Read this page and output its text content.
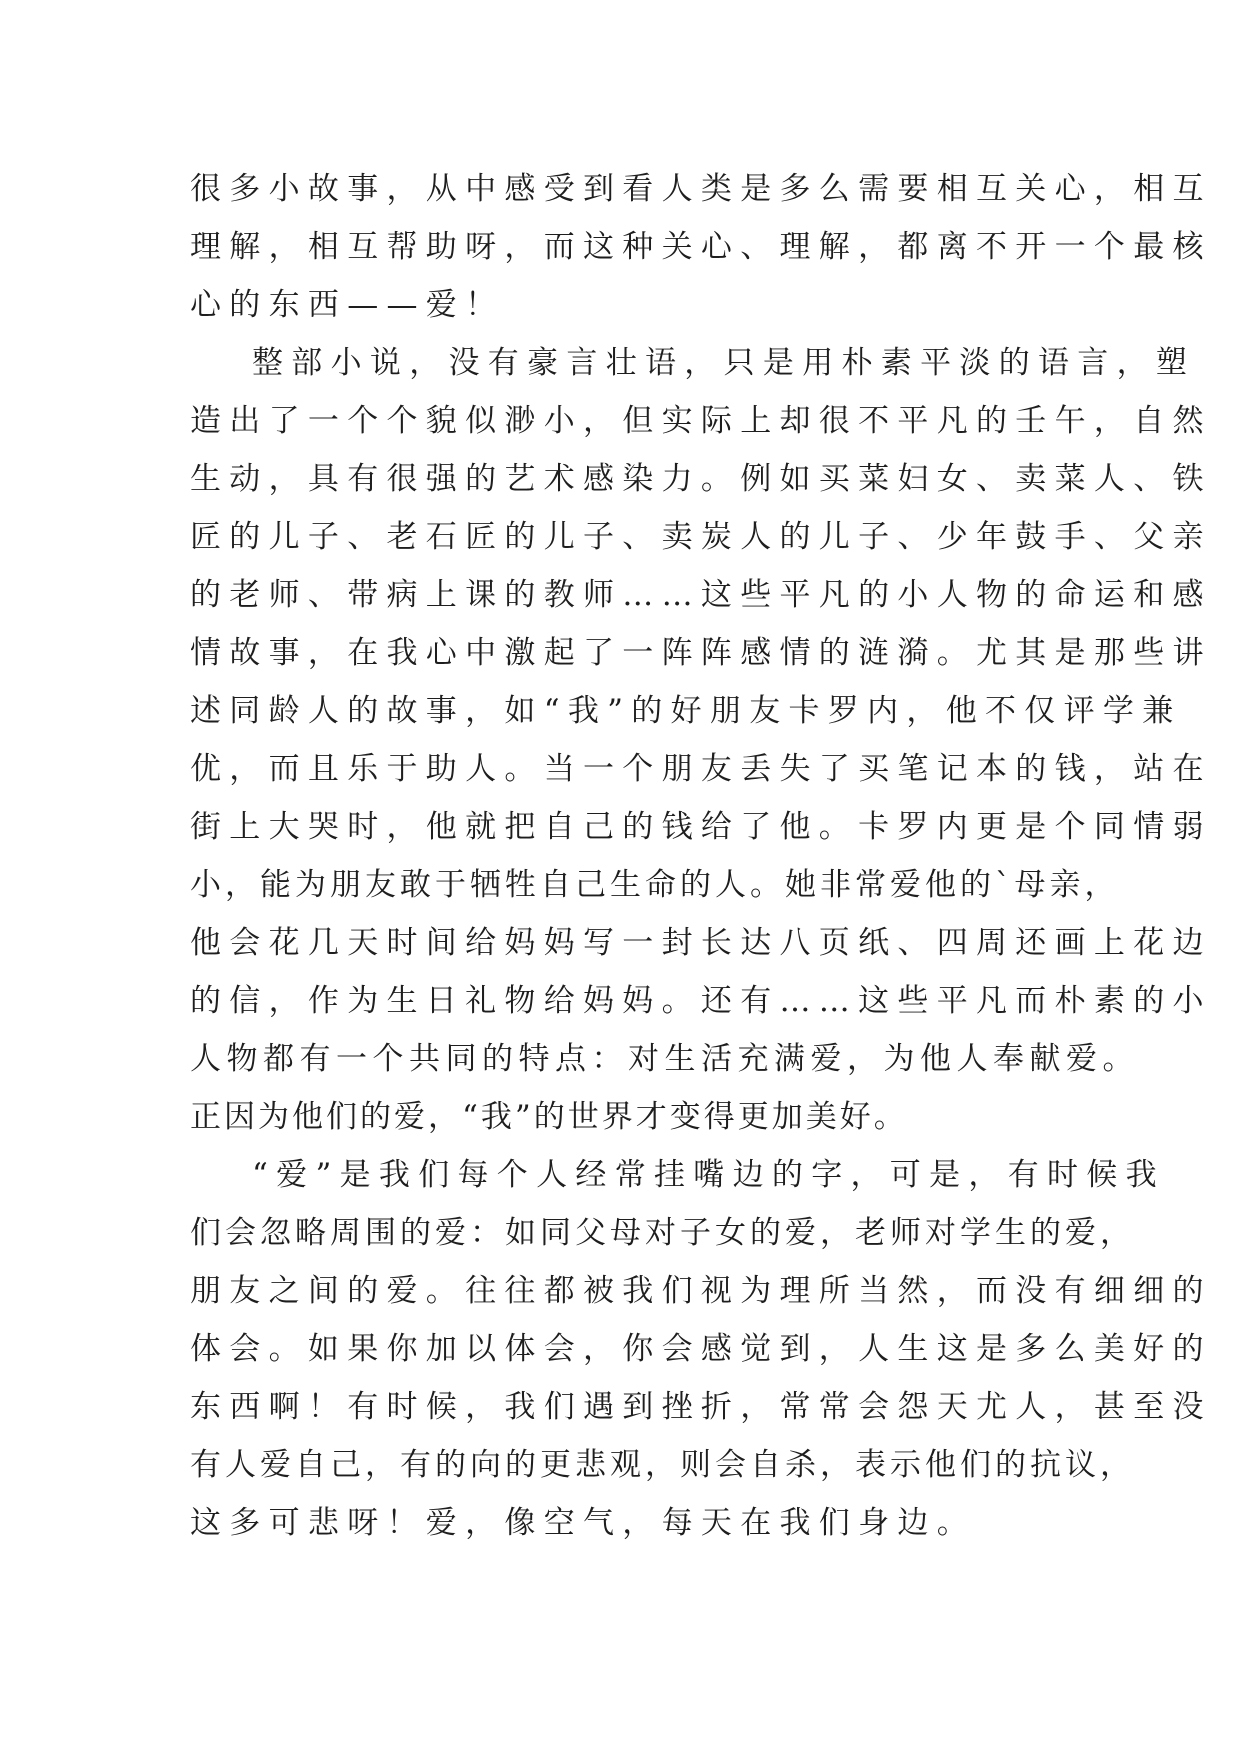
很多小故事，从中感受到看人类是多么需要相互关心，相互
理解，相互帮助呀，而这种关心、理解，都离不开一个最核
心的东西——爱！
整部小说，没有豪言壮语，只是用朴素平淡的语言，塑
造出了一个个貌似渺小，但实际上却很不平凡的壬午，自然
生动，具有很强的艺术感染力。例如买菜妇女、卖菜人、铁
匠的儿子、老石匠的儿子、卖炭人的儿子、少年鼓手、父亲
的老师、带病上课的教师……这些平凡的小人物的命运和感
情故事，在我心中激起了一阵阵感情的涟漪。尤其是那些讲
述同龄人的故事，如“我”的好朋友卡罗内，他不仅评学兼
优，而且乐于助人。当一个朋友丢失了买笔记本的钱，站在
街上大哭时，他就把自己的钱给了他。卡罗内更是个同情弱
小，能为朋友敢于牺牲自己生命的人。她非常爱他的`母亲，
他会花几天时间给妈妈写一封长达八页纸、四周还画上花边
的信，作为生日礼物给妈妈。还有……这些平凡而朴素的小
人物都有一个共同的特点：对生活充满爱，为他人奉献爱。
正因为他们的爱，“我”的世界才变得更加美好。
“爱”是我们每个人经常挂嘴边的字，可是，有时候我
们会忽略周围的爱：如同父母对子女的爱，老师对学生的爱，
朋友之间的爱。往往都被我们视为理所当然，而没有细细的
体会。如果你加以体会，你会感觉到，人生这是多么美好的
东西啊！有时候，我们遇到挫折，常常会怨天尤人，甚至没
有人爱自己，有的向的更悲观，则会自杀，表示他们的抗议，
这多可悲呀！爱，像空气，每天在我们身边。
